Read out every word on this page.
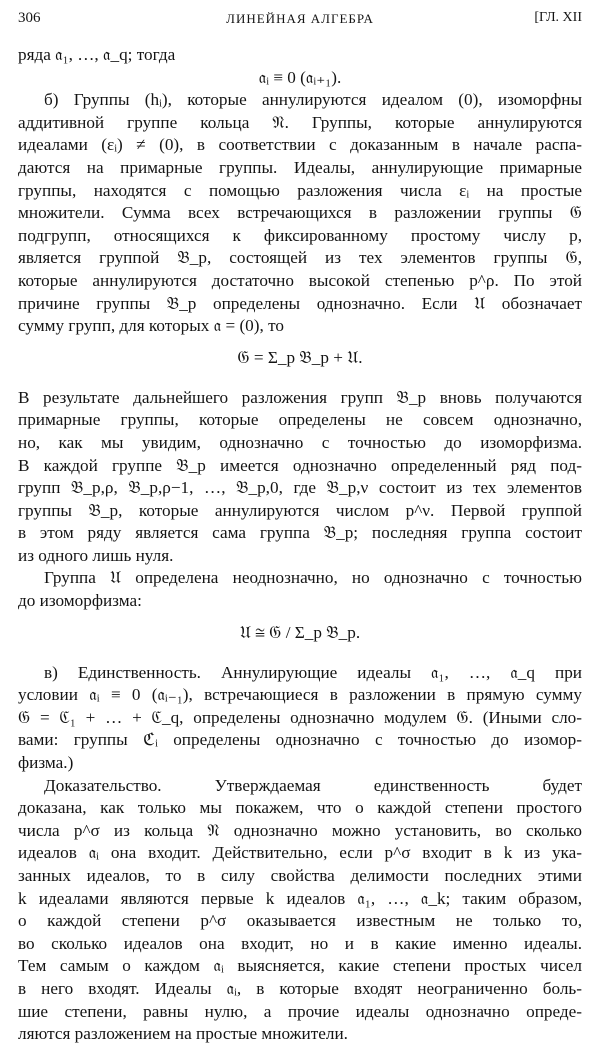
306	ЛИНЕЙНАЯ АЛГЕБРА	[ГЛ. XII
ряда 𝔞₁, …, 𝔞_q; тогда
𝔞ᵢ ≡ 0 (𝔞ᵢ₊₁).
б) Группы (hᵢ), которые аннулируются идеалом (0), изоморфны
аддитивной группе кольца 𝔑. Группы, которые аннулируются
идеалами (εᵢ) ≠ (0), в соответствии с доказанным в начале распа-
даются на примарные группы. Идеалы, аннулирующие примарные
группы, находятся с помощью разложения числа εᵢ на простые
множители. Сумма всех встречающихся в разложении группы 𝔊
подгрупп, относящихся к фиксированному простому числу p,
является группой 𝔅_p, состоящей из тех элементов группы 𝔊,
которые аннулируются достаточно высокой степенью p^ρ. По этой
причине группы 𝔅_p определены однозначно. Если 𝔘 обозначает
сумму групп, для которых 𝔞 = (0), то
𝔊 = Σ_p 𝔅_p + 𝔘.
В результате дальнейшего разложения групп 𝔅_p вновь получаются
примарные группы, которые определены не совсем однозначно,
но, как мы увидим, однозначно с точностью до изоморфизма.
В каждой группе 𝔅_p имеется однозначно определенный ряд под-
групп 𝔅_p,ρ, 𝔅_p,ρ−1, …, 𝔅_p,0, где 𝔅_p,ν состоит из тех элементов
группы 𝔅_p, которые аннулируются числом p^ν. Первой группой
в этом ряду является сама группа 𝔅_p; последняя группа состоит
из одного лишь нуля.
Группа 𝔘 определена неоднозначно, но однозначно с точностью
до изоморфизма:
𝔘 ≅ 𝔊 / Σ_p 𝔅_p.
в) Единственность. Аннулирующие идеалы 𝔞₁, …, 𝔞_q при
условии 𝔞ᵢ ≡ 0 (𝔞ᵢ₋₁), встречающиеся в разложении в прямую сумму
𝔊 = ℭ₁ + … + ℭ_q, определены однозначно модулем 𝔊. (Иными сло-
вами: группы ℭᵢ определены однозначно с точностью до изомор-
физма.)
Доказательство. Утверждаемая единственность будет
доказана, как только мы покажем, что о каждой степени простого
числа p^σ из кольца 𝔑 однозначно можно установить, во сколько
идеалов 𝔞ᵢ она входит. Действительно, если p^σ входит в k из ука-
занных идеалов, то в силу свойства делимости последних этими
k идеалами являются первые k идеалов 𝔞₁, …, 𝔞_k; таким образом,
о каждой степени p^σ оказывается известным не только то,
во сколько идеалов она входит, но и в какие именно идеалы.
Тем самым о каждом 𝔞ᵢ выясняется, какие степени простых чисел
в него входят. Идеалы 𝔞ᵢ, в которые входят неограниченно боль-
шие степени, равны нулю, а прочие идеалы однозначно опреде-
ляются разложением на простые множители.
